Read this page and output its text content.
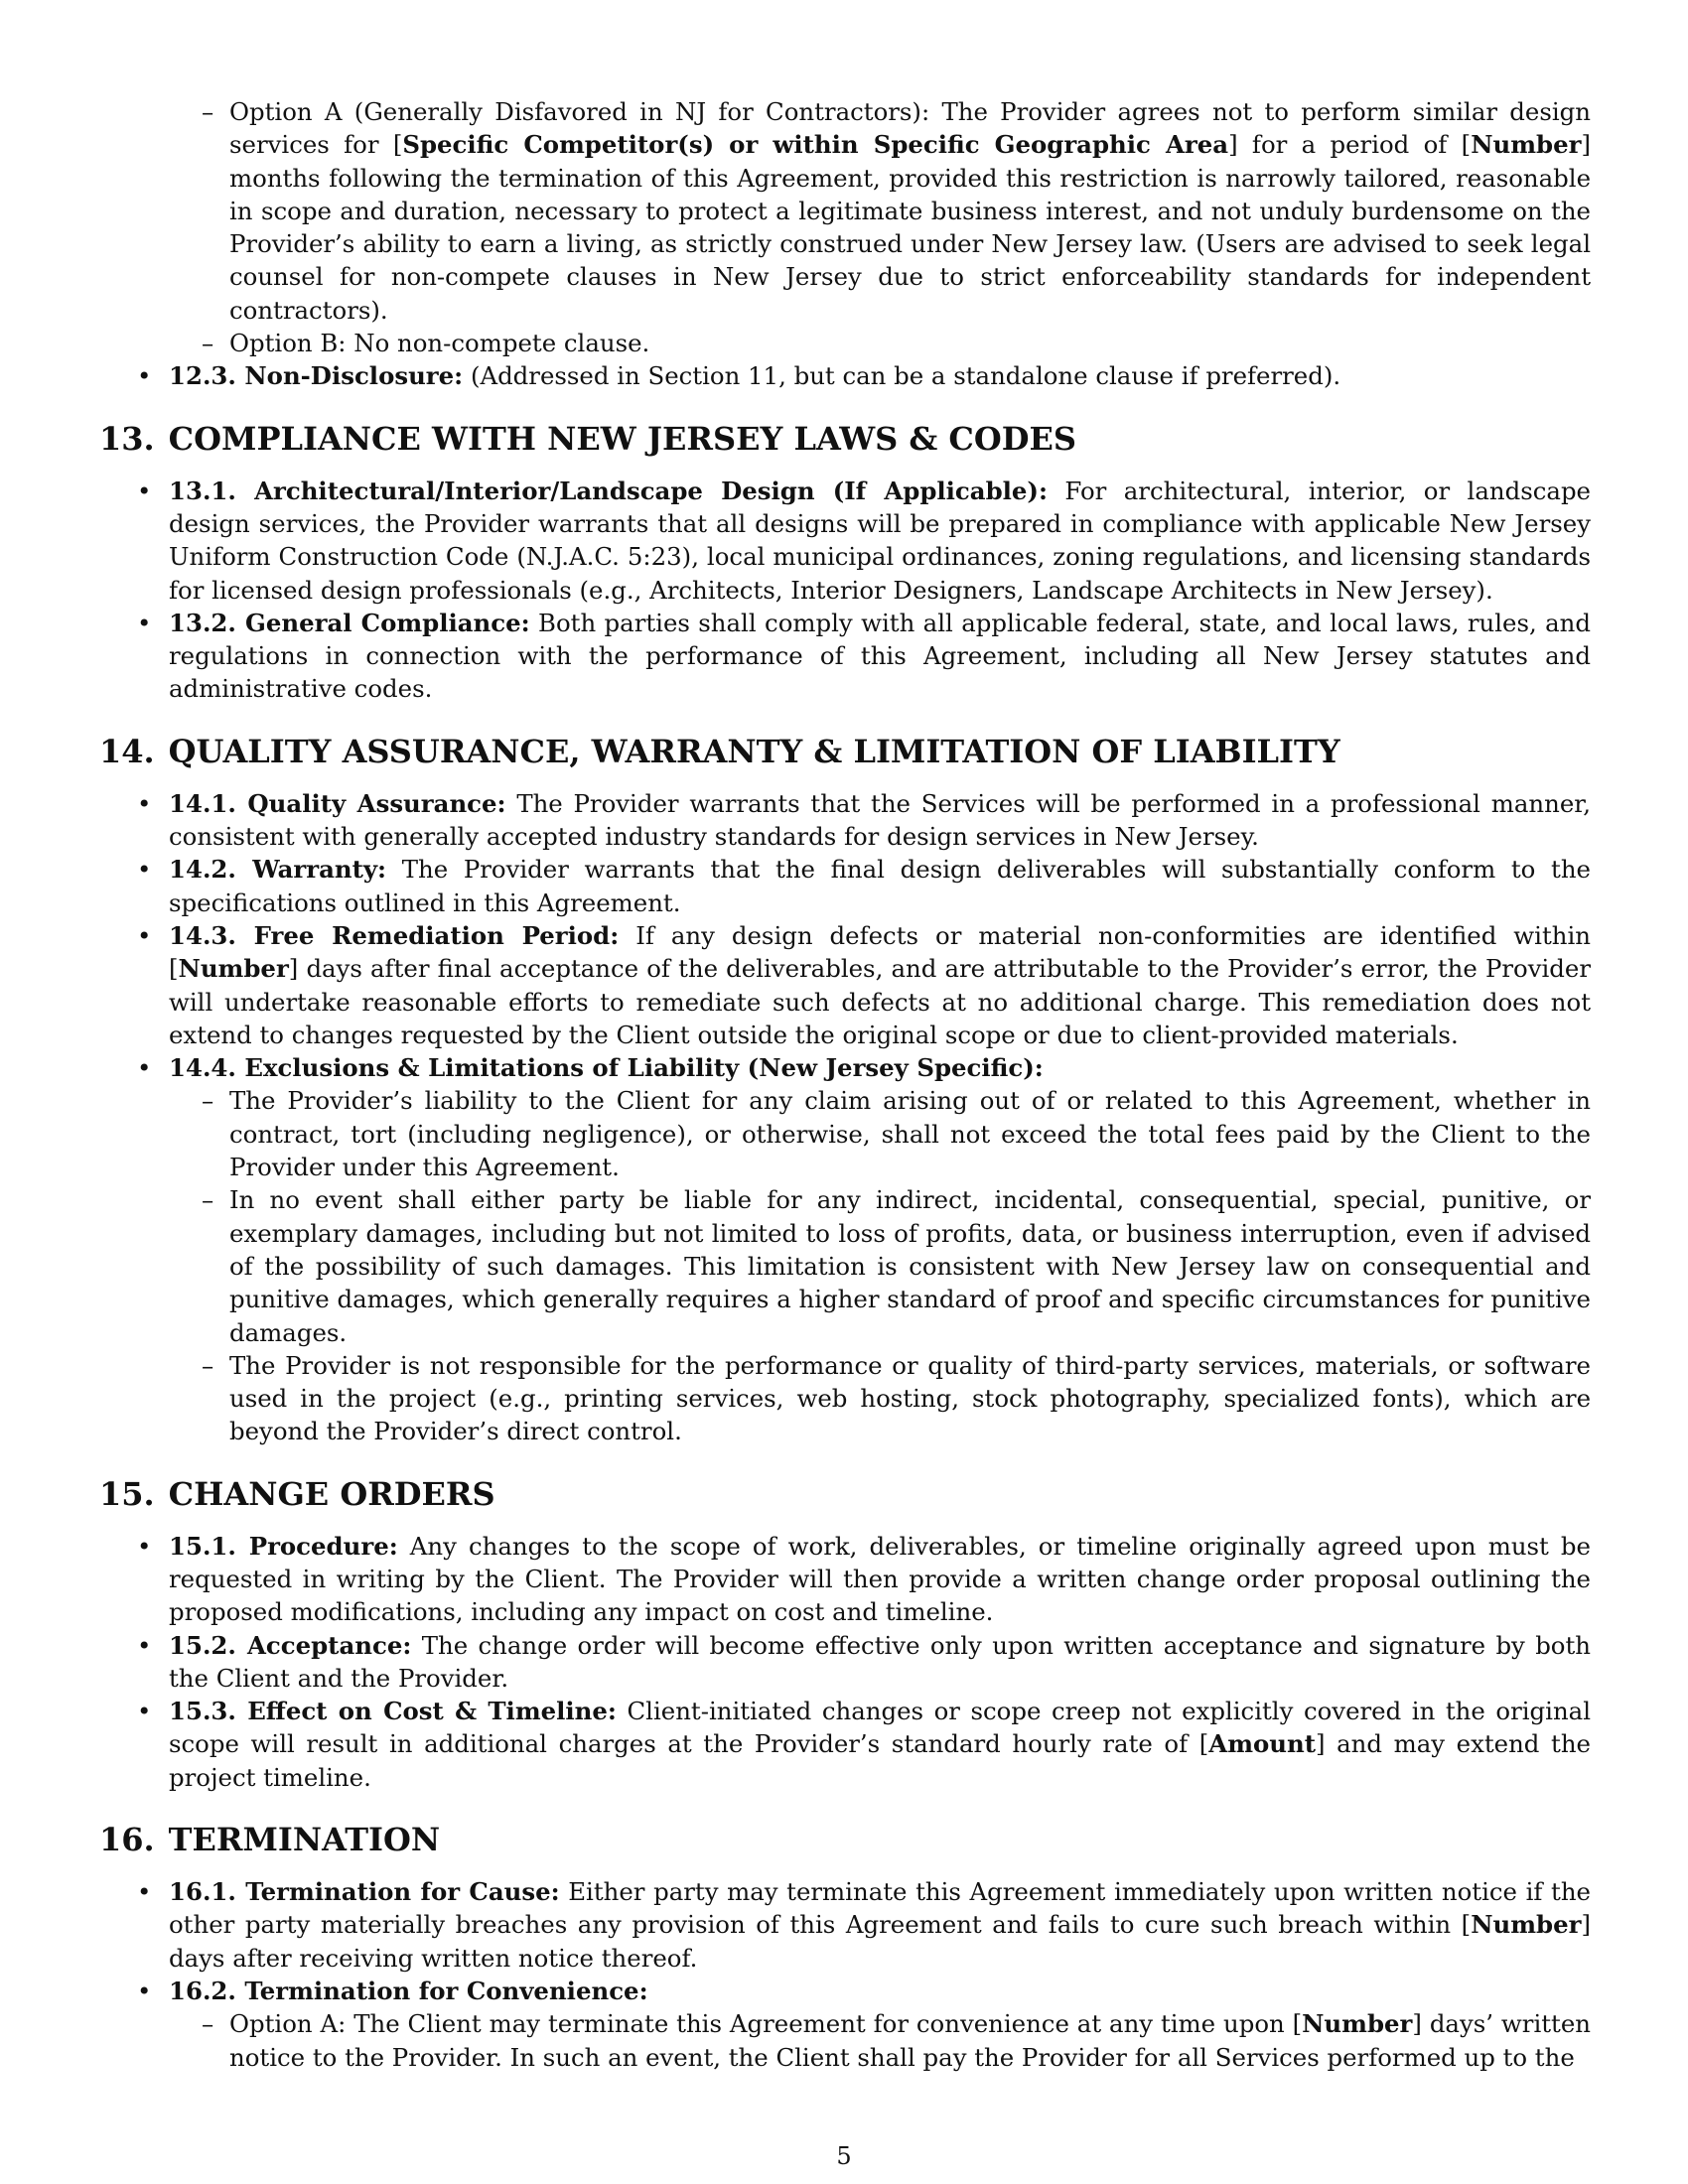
– Option A (Generally Disfavored in NJ for Contractors): The Provider agrees not to perform similar design services for [Specific Competitor(s) or within Specific Geographic Area] for a period of [Number] months following the termination of this Agreement, provided this restriction is narrowly tailored, reasonable in scope and duration, necessary to protect a legitimate business interest, and not unduly burdensome on the Provider’s ability to earn a living, as strictly construed under New Jersey law. (Users are advised to seek legal counsel for non-compete clauses in New Jersey due to strict enforceability standards for independent contractors).
– Option B: No non-compete clause.
• 12.3. Non-Disclosure: (Addressed in Section 11, but can be a standalone clause if preferred).
13. COMPLIANCE WITH NEW JERSEY LAWS & CODES
• 13.1. Architectural/Interior/Landscape Design (If Applicable): For architectural, interior, or landscape design services, the Provider warrants that all designs will be prepared in compliance with applicable New Jersey Uniform Construction Code (N.J.A.C. 5:23), local municipal ordinances, zoning regulations, and licensing standards for licensed design professionals (e.g., Architects, Interior Designers, Landscape Architects in New Jersey).
• 13.2. General Compliance: Both parties shall comply with all applicable federal, state, and local laws, rules, and regulations in connection with the performance of this Agreement, including all New Jersey statutes and administrative codes.
14. QUALITY ASSURANCE, WARRANTY & LIMITATION OF LIABILITY
• 14.1. Quality Assurance: The Provider warrants that the Services will be performed in a professional manner, consistent with generally accepted industry standards for design services in New Jersey.
• 14.2. Warranty: The Provider warrants that the final design deliverables will substantially conform to the specifications outlined in this Agreement.
• 14.3. Free Remediation Period: If any design defects or material non-conformities are identified within [Number] days after final acceptance of the deliverables, and are attributable to the Provider’s error, the Provider will undertake reasonable efforts to remediate such defects at no additional charge. This remediation does not extend to changes requested by the Client outside the original scope or due to client-provided materials.
• 14.4. Exclusions & Limitations of Liability (New Jersey Specific):
– The Provider’s liability to the Client for any claim arising out of or related to this Agreement, whether in contract, tort (including negligence), or otherwise, shall not exceed the total fees paid by the Client to the Provider under this Agreement.
– In no event shall either party be liable for any indirect, incidental, consequential, special, punitive, or exemplary damages, including but not limited to loss of profits, data, or business interruption, even if advised of the possibility of such damages. This limitation is consistent with New Jersey law on consequential and punitive damages, which generally requires a higher standard of proof and specific circumstances for punitive damages.
– The Provider is not responsible for the performance or quality of third-party services, materials, or software used in the project (e.g., printing services, web hosting, stock photography, specialized fonts), which are beyond the Provider’s direct control.
15. CHANGE ORDERS
• 15.1. Procedure: Any changes to the scope of work, deliverables, or timeline originally agreed upon must be requested in writing by the Client. The Provider will then provide a written change order proposal outlining the proposed modifications, including any impact on cost and timeline.
• 15.2. Acceptance: The change order will become effective only upon written acceptance and signature by both the Client and the Provider.
• 15.3. Effect on Cost & Timeline: Client-initiated changes or scope creep not explicitly covered in the original scope will result in additional charges at the Provider’s standard hourly rate of [Amount] and may extend the project timeline.
16. TERMINATION
• 16.1. Termination for Cause: Either party may terminate this Agreement immediately upon written notice if the other party materially breaches any provision of this Agreement and fails to cure such breach within [Number] days after receiving written notice thereof.
• 16.2. Termination for Convenience:
– Option A: The Client may terminate this Agreement for convenience at any time upon [Number] days’ written notice to the Provider. In such an event, the Client shall pay the Provider for all Services performed up to the
5
